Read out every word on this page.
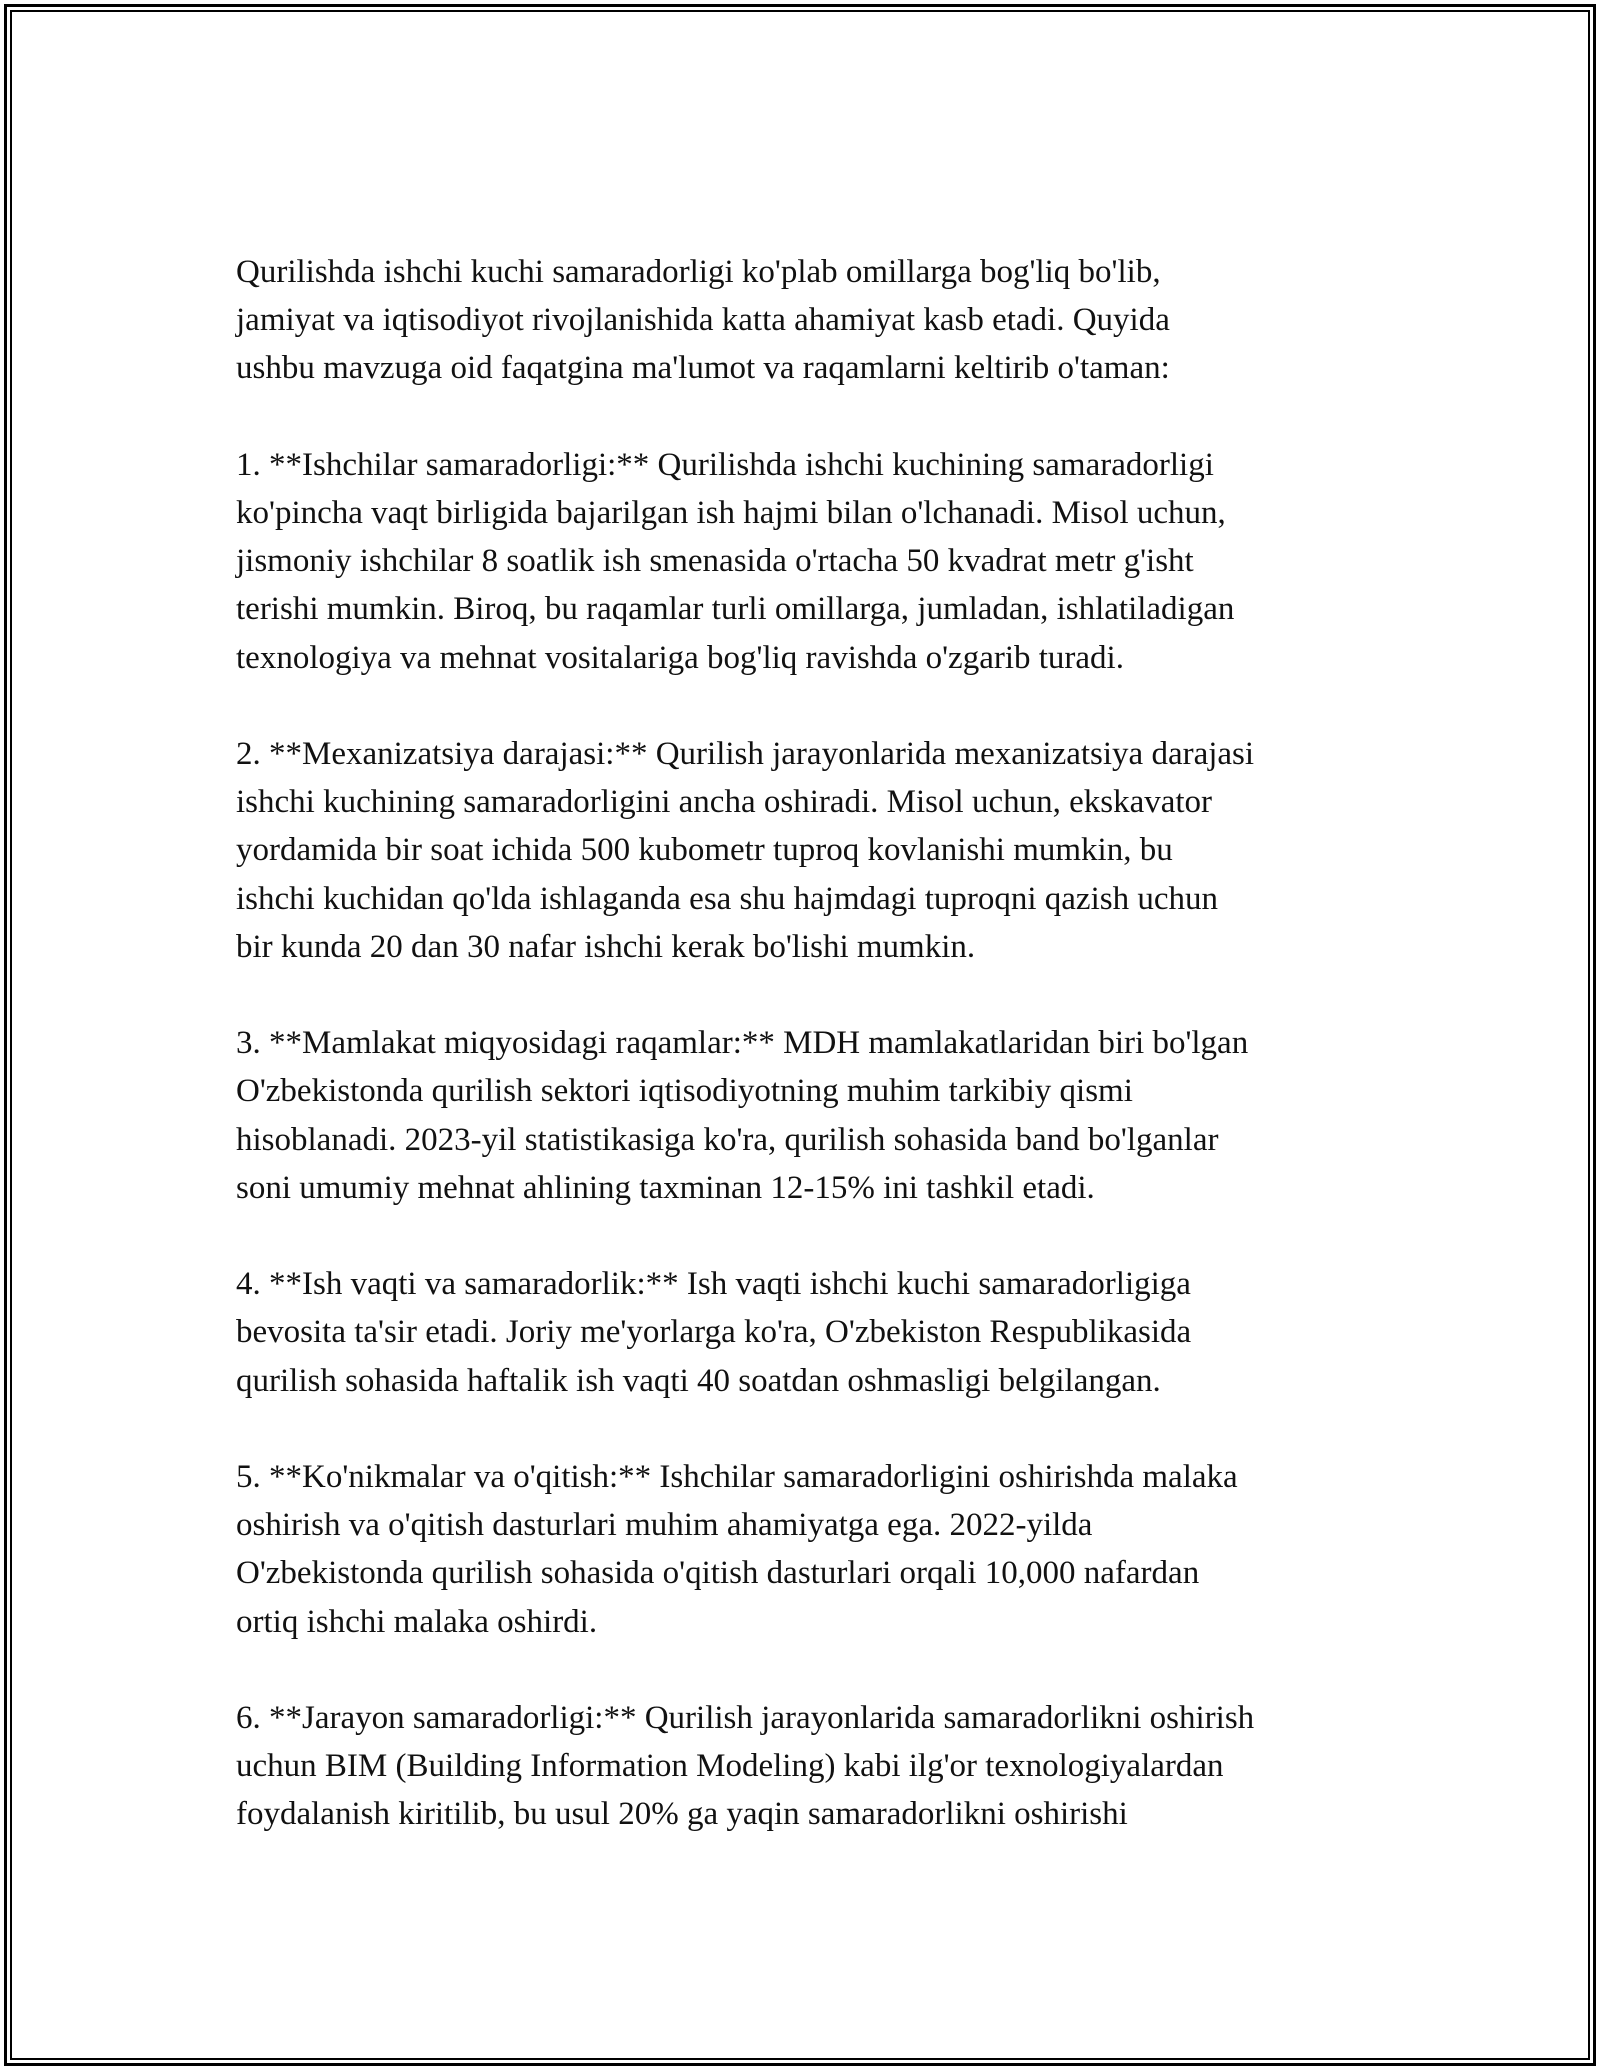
Qurilishda ishchi kuchi samaradorligi ko'plab omillarga bog'liq bo'lib,
jamiyat va iqtisodiyot rivojlanishida katta ahamiyat kasb etadi. Quyida
ushbu mavzuga oid faqatgina ma'lumot va raqamlarni keltirib o'taman:

1. **Ishchilar samaradorligi:** Qurilishda ishchi kuchining samaradorligi
ko'pincha vaqt birligida bajarilgan ish hajmi bilan o'lchanadi. Misol uchun,
jismoniy ishchilar 8 soatlik ish smenasida o'rtacha 50 kvadrat metr g'isht
terishi mumkin. Biroq, bu raqamlar turli omillarga, jumladan, ishlatiladigan
texnologiya va mehnat vositalariga bog'liq ravishda o'zgarib turadi.

2. **Mexanizatsiya darajasi:** Qurilish jarayonlarida mexanizatsiya darajasi
ishchi kuchining samaradorligini ancha oshiradi. Misol uchun, ekskavator
yordamida bir soat ichida 500 kubometr tuproq kovlanishi mumkin, bu
ishchi kuchidan qo'lda ishlaganda esa shu hajmdagi tuproqni qazish uchun
bir kunda 20 dan 30 nafar ishchi kerak bo'lishi mumkin.

3. **Mamlakat miqyosidagi raqamlar:** MDH mamlakatlaridan biri bo'lgan
O'zbekistonda qurilish sektori iqtisodiyotning muhim tarkibiy qismi
hisoblanadi. 2023-yil statistikasiga ko'ra, qurilish sohasida band bo'lganlar
soni umumiy mehnat ahlining taxminan 12-15% ini tashkil etadi.

4. **Ish vaqti va samaradorlik:** Ish vaqti ishchi kuchi samaradorligiga
bevosita ta'sir etadi. Joriy me'yorlarga ko'ra, O'zbekiston Respublikasida
qurilish sohasida haftalik ish vaqti 40 soatdan oshmasligi belgilangan.

5. **Ko'nikmalar va o'qitish:** Ishchilar samaradorligini oshirishda malaka
oshirish va o'qitish dasturlari muhim ahamiyatga ega. 2022-yilda
O'zbekistonda qurilish sohasida o'qitish dasturlari orqali 10,000 nafardan
ortiq ishchi malaka oshirdi.

6. **Jarayon samaradorligi:** Qurilish jarayonlarida samaradorlikni oshirish
uchun BIM (Building Information Modeling) kabi ilg'or texnologiyalardan
foydalanish kiritilib, bu usul 20% ga yaqin samaradorlikni oshirishi
